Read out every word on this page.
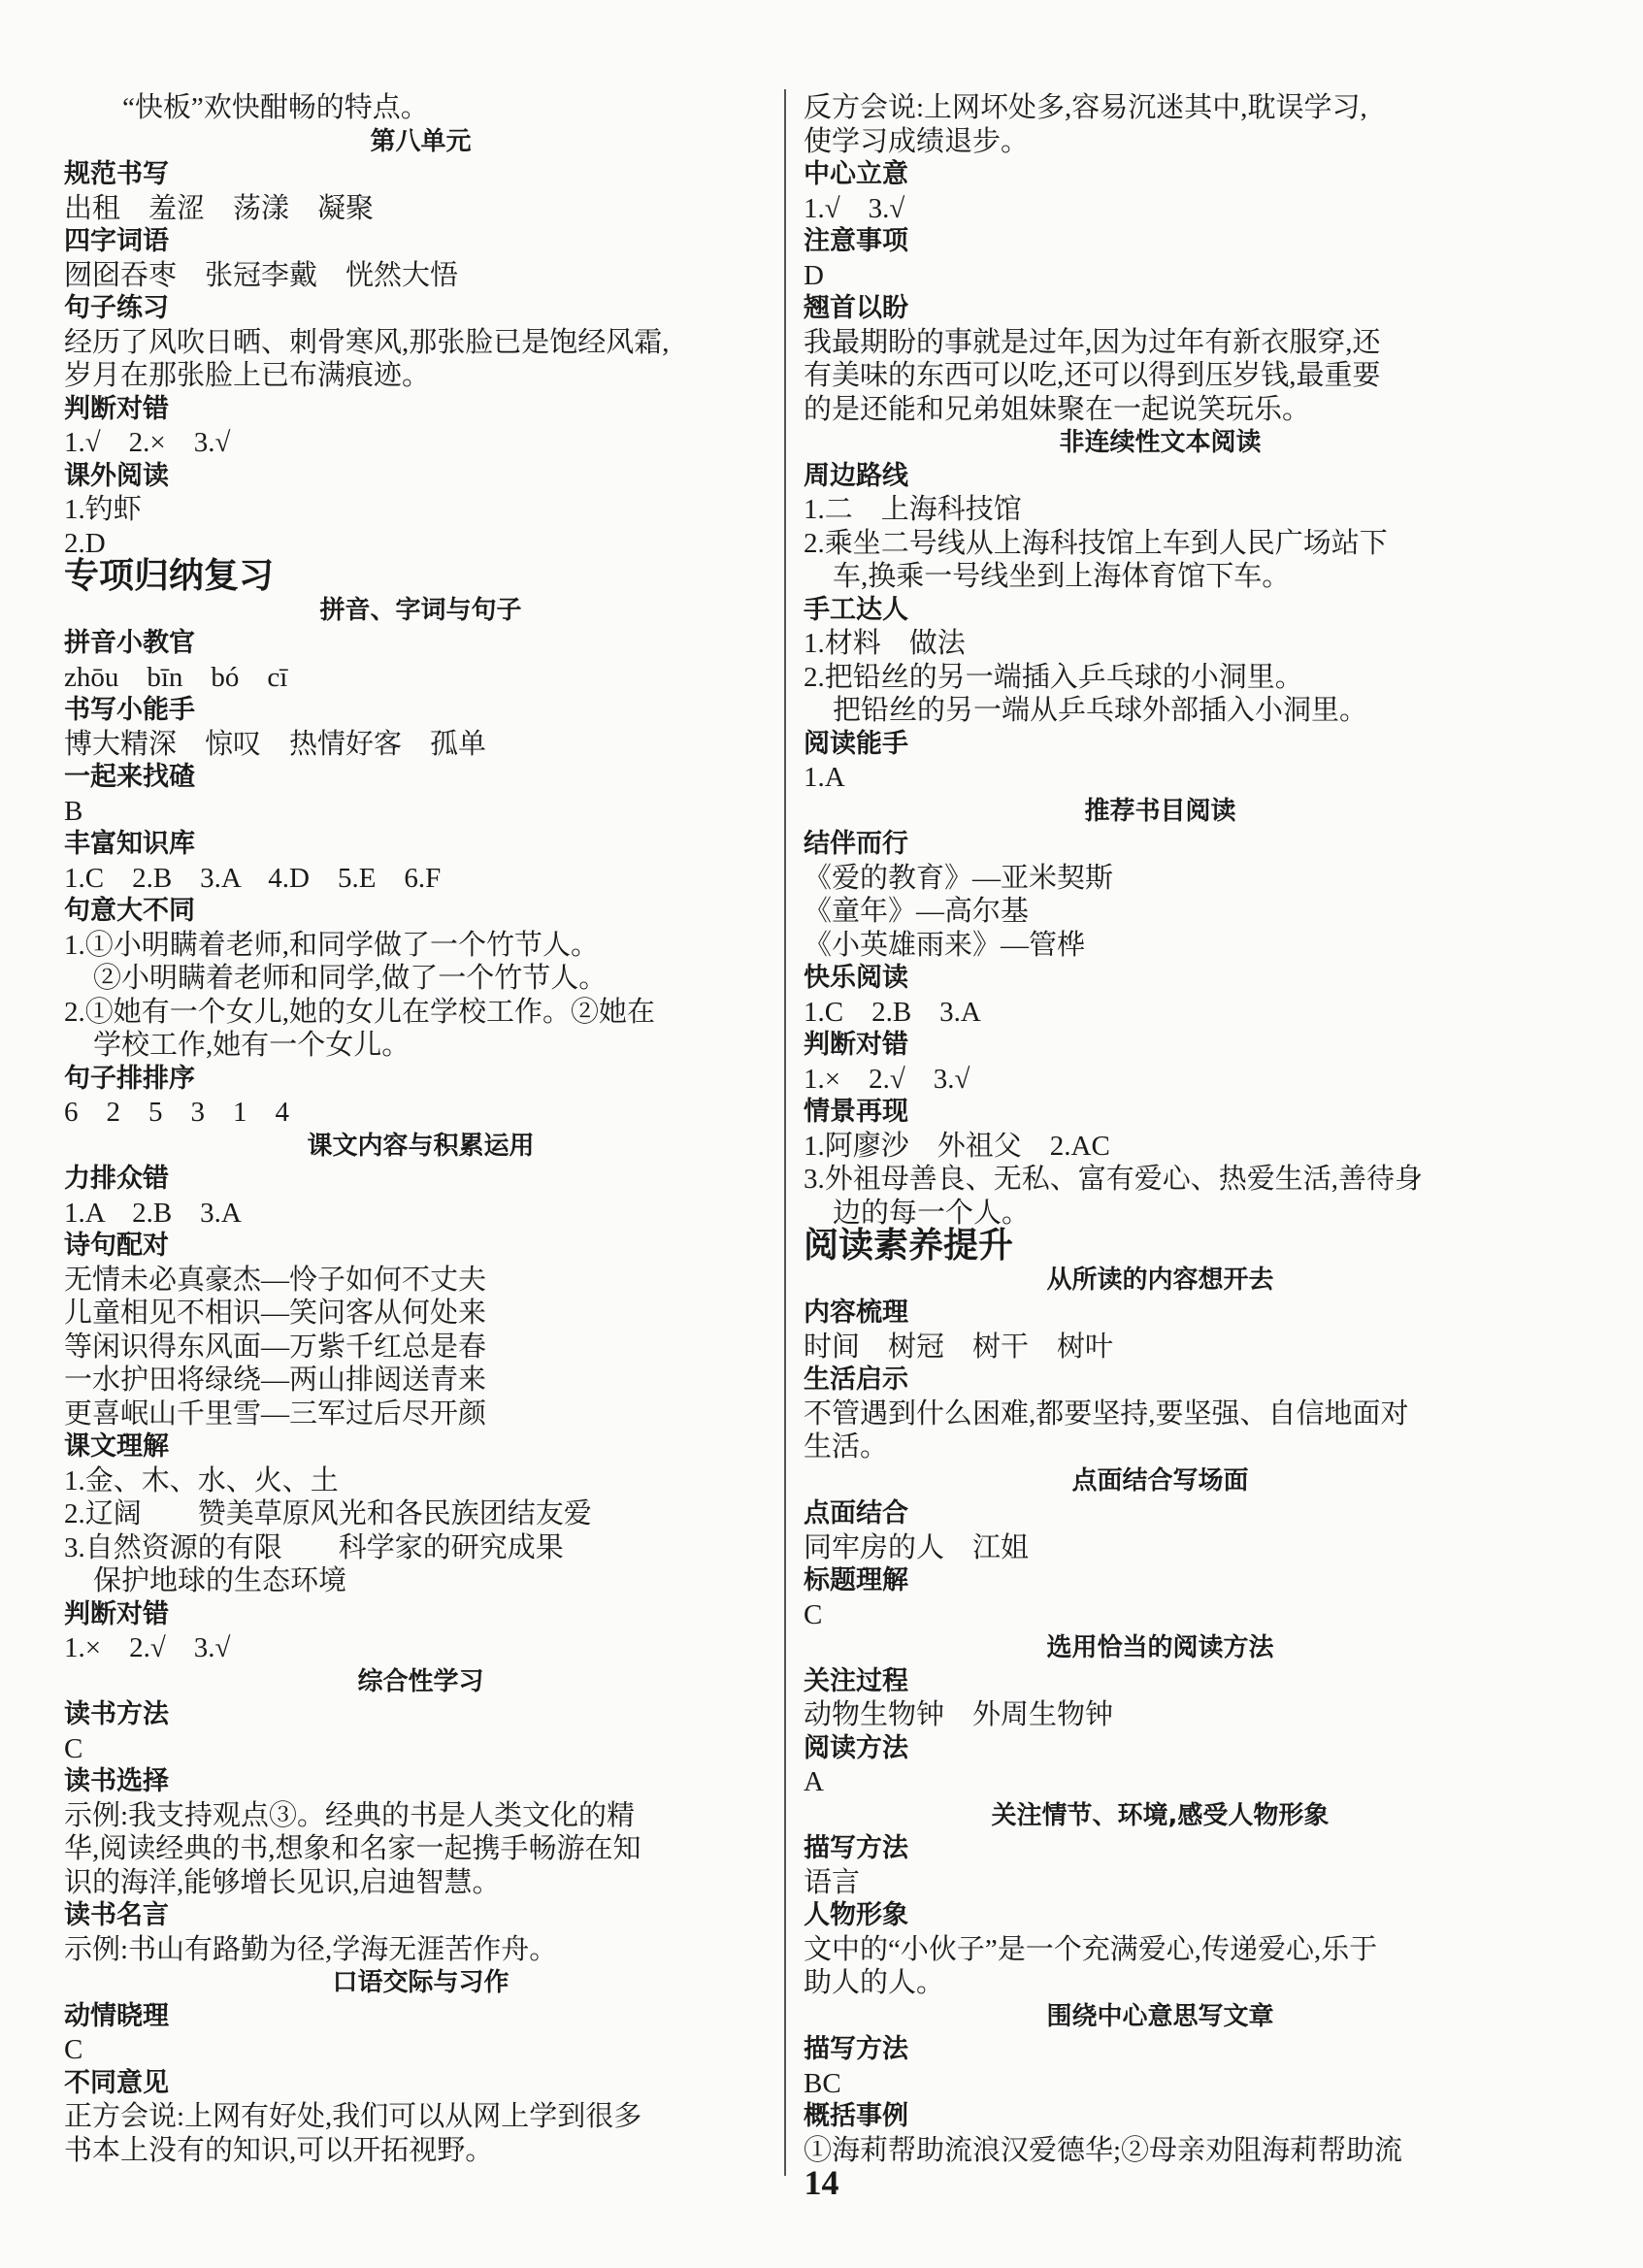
“快板”欢快酣畅的特点。
第八单元
规范书写
出租　羞涩　荡漾　凝聚
四字词语
囫囵吞枣　张冠李戴　恍然大悟
句子练习
经历了风吹日晒、刺骨寒风,那张脸已是饱经风霜,
岁月在那张脸上已布满痕迹。
判断对错
1.√　2.×　3.√
课外阅读
1.钓虾
2.D
专项归纳复习
拼音、字词与句子
拼音小教官
zhōu　bīn　bó　cī
书写小能手
博大精深　惊叹　热情好客　孤单
一起来找碴
B
丰富知识库
1.C　2.B　3.A　4.D　5.E　6.F
句意大不同
1.①小明瞒着老师,和同学做了一个竹节人。
②小明瞒着老师和同学,做了一个竹节人。
2.①她有一个女儿,她的女儿在学校工作。②她在
学校工作,她有一个女儿。
句子排排序
6　2　5　3　1　4
课文内容与积累运用
力排众错
1.A　2.B　3.A
诗句配对
无情未必真豪杰—怜子如何不丈夫
儿童相见不相识—笑问客从何处来
等闲识得东风面—万紫千红总是春
一水护田将绿绕—两山排闼送青来
更喜岷山千里雪—三军过后尽开颜
课文理解
1.金、木、水、火、土
2.辽阔　　赞美草原风光和各民族团结友爱
3.自然资源的有限　　科学家的研究成果
保护地球的生态环境
判断对错
1.×　2.√　3.√
综合性学习
读书方法
C
读书选择
示例:我支持观点③。经典的书是人类文化的精
华,阅读经典的书,想象和名家一起携手畅游在知
识的海洋,能够增长见识,启迪智慧。
读书名言
示例:书山有路勤为径,学海无涯苦作舟。
口语交际与习作
动情晓理
C
不同意见
正方会说:上网有好处,我们可以从网上学到很多
书本上没有的知识,可以开拓视野。
反方会说:上网坏处多,容易沉迷其中,耽误学习,
使学习成绩退步。
中心立意
1.√　3.√
注意事项
D
翘首以盼
我最期盼的事就是过年,因为过年有新衣服穿,还
有美味的东西可以吃,还可以得到压岁钱,最重要
的是还能和兄弟姐妹聚在一起说笑玩乐。
非连续性文本阅读
周边路线
1.二　上海科技馆
2.乘坐二号线从上海科技馆上车到人民广场站下
车,换乘一号线坐到上海体育馆下车。
手工达人
1.材料　做法
2.把铅丝的另一端插入乒乓球的小洞里。
把铅丝的另一端从乒乓球外部插入小洞里。
阅读能手
1.A
推荐书目阅读
结伴而行
《爱的教育》—亚米契斯
《童年》—高尔基
《小英雄雨来》—管桦
快乐阅读
1.C　2.B　3.A
判断对错
1.×　2.√　3.√
情景再现
1.阿廖沙　外祖父　2.AC
3.外祖母善良、无私、富有爱心、热爱生活,善待身
边的每一个人。
阅读素养提升
从所读的内容想开去
内容梳理
时间　树冠　树干　树叶
生活启示
不管遇到什么困难,都要坚持,要坚强、自信地面对
生活。
点面结合写场面
点面结合
同牢房的人　江姐
标题理解
C
选用恰当的阅读方法
关注过程
动物生物钟　外周生物钟
阅读方法
A
关注情节、环境,感受人物形象
描写方法
语言
人物形象
文中的“小伙子”是一个充满爱心,传递爱心,乐于
助人的人。
围绕中心意思写文章
描写方法
BC
概括事例
①海莉帮助流浪汉爱德华;②母亲劝阻海莉帮助流
14
